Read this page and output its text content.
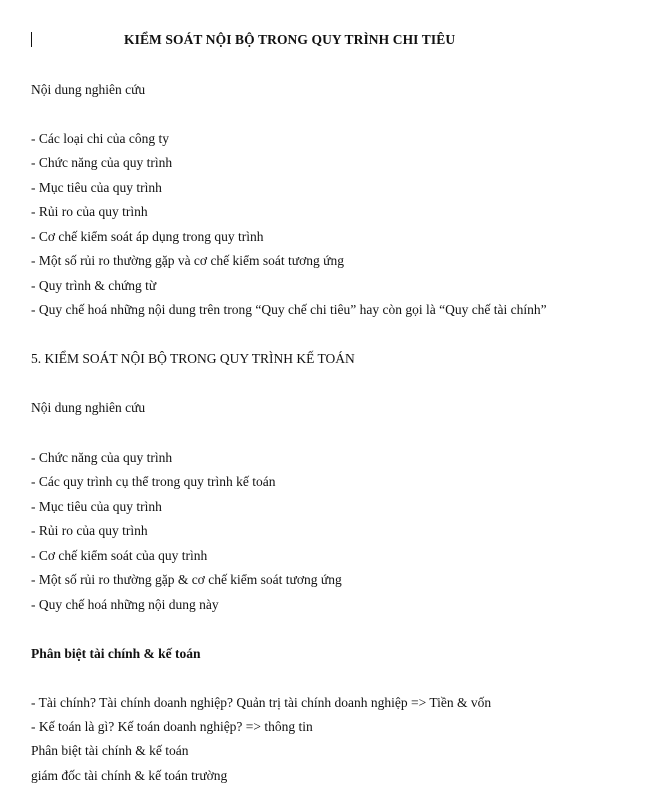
KIỂM SOÁT NỘI BỘ TRONG QUY TRÌNH CHI TIÊU
Nội dung nghiên cứu
- Các loại chi của công ty
- Chức năng của quy trình
- Mục tiêu của quy trình
- Rủi ro của quy trình
- Cơ chế kiểm soát áp dụng trong quy trình
- Một số rủi ro thường gặp và cơ chế kiểm soát tương ứng
- Quy trình & chứng từ
- Quy chế hoá những nội dung trên trong “Quy chế chi tiêu” hay còn gọi là “Quy chế tài chính”
5. KIỂM SOÁT NỘI BỘ TRONG QUY TRÌNH KẾ TOÁN
Nội dung nghiên cứu
- Chức năng của quy trình
- Các quy trình cụ thể trong quy trình kế toán
- Mục tiêu của quy trình
- Rủi ro của quy trình
- Cơ chế kiểm soát của quy trình
- Một số rủi ro thường gặp & cơ chế kiểm soát tương ứng
- Quy chế hoá những nội dung này
Phân biệt tài chính & kế toán
- Tài chính? Tài chính doanh nghiệp? Quản trị tài chính doanh nghiệp => Tiền & vốn
- Kế toán là gì? Kế toán doanh nghiệp? => thông tin
Phân biệt tài chính & kế toán
giám đốc tài chính & kế toán trường
